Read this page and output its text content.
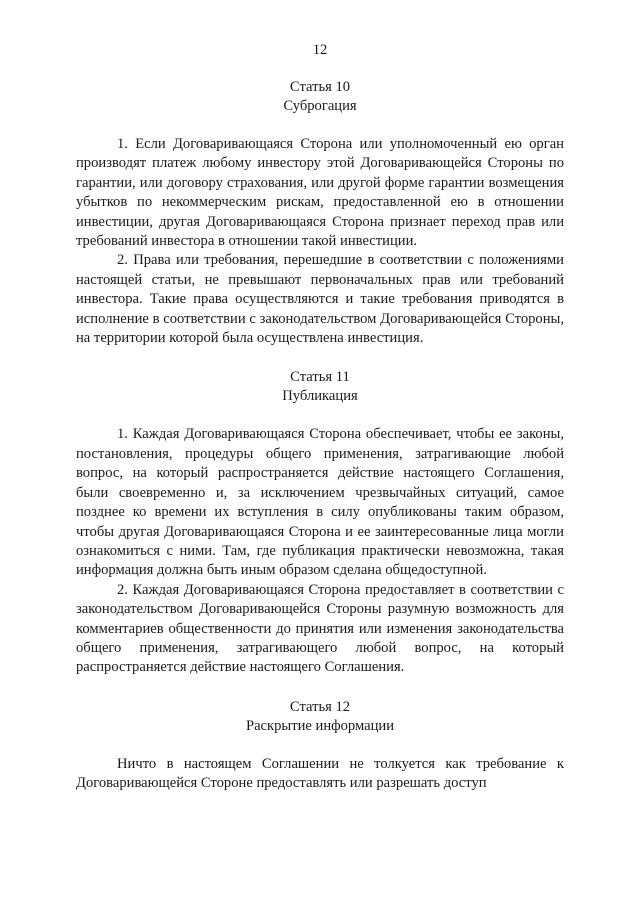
12
Статья 10
Суброгация

1. Если Договаривающаяся Сторона или уполномоченный ею орган производят платеж любому инвестору этой Договаривающейся Стороны по гарантии, или договору страхования, или другой форме гарантии возмещения убытков по некоммерческим рискам, предоставленной ею в отношении инвестиции, другая Договаривающаяся Сторона признает переход прав или требований инвестора в отношении такой инвестиции.

2. Права или требования, перешедшие в соответствии с положениями настоящей статьи, не превышают первоначальных прав или требований инвестора. Такие права осуществляются и такие требования приводятся в исполнение в соответствии с законодательством Договаривающейся Стороны, на территории которой была осуществлена инвестиция.

Статья 11
Публикация

1. Каждая Договаривающаяся Сторона обеспечивает, чтобы ее законы, постановления, процедуры общего применения, затрагивающие любой вопрос, на который распространяется действие настоящего Соглашения, были своевременно и, за исключением чрезвычайных ситуаций, самое позднее ко времени их вступления в силу опубликованы таким образом, чтобы другая Договаривающаяся Сторона и ее заинтересованные лица могли ознакомиться с ними. Там, где публикация практически невозможна, такая информация должна быть иным образом сделана общедоступной.

2. Каждая Договаривающаяся Сторона предоставляет в соответствии с законодательством Договаривающейся Стороны разумную возможность для комментариев общественности до принятия или изменения законодательства общего применения, затрагивающего любой вопрос, на который распространяется действие настоящего Соглашения.

Статья 12
Раскрытие информации

Ничто в настоящем Соглашении не толкуется как требование к Договаривающейся Стороне предоставлять или разрешать доступ
